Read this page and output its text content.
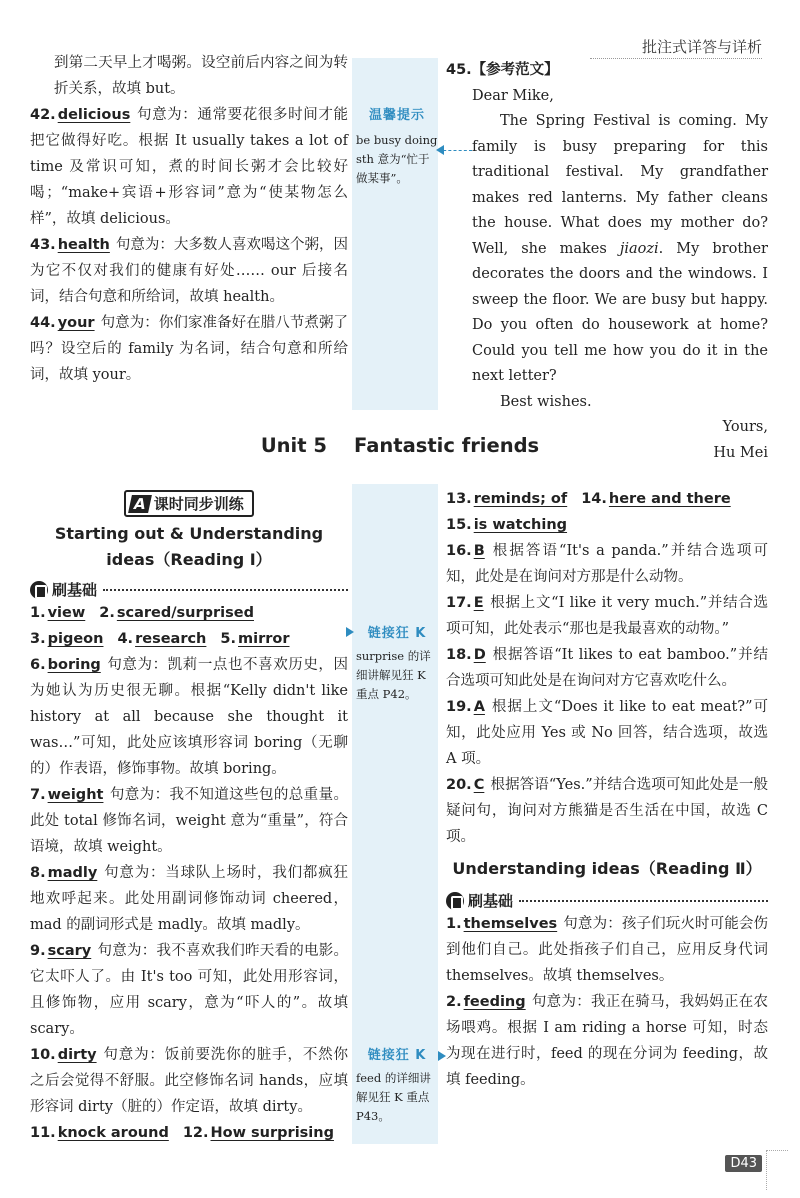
批注式详答与详析
温馨提示
be busy doing sth 意为“忙于做某事”。

到第二天早上才喝粥。设空前后内容之间为转折关系，故填 but。

42. delicious 句意为：通常要花很多时间才能把它做得好吃。根据 It usually takes a lot of time 及常识可知，煮的时间长粥才会比较好喝；“make+宾语+形容词”意为“使某物怎么样”，故填 delicious。

43. health 句意为：大多数人喜欢喝这个粥，因为它不仅对我们的健康有好处…… our 后接名词，结合句意和所给词，故填 health。

44. your 句意为：你们家准备好在腊八节煮粥了吗？设空后的 family 为名词，结合句意和所给词，故填 your。

45.【参考范文】

Dear Mike,

The Spring Festival is coming. My family is busy preparing for this traditional festival. My grandfather makes red lanterns. My father cleans the house. What does my mother do? Well, she makes jiaozi. My brother decorates the doors and the windows. I sweep the floor. We are busy but happy. Do you often do housework at home? Could you tell me how you do it in the next letter?

Best wishes.

Yours,

Hu Mei

Unit 5    Fantastic friends
A 课时同步训练
Starting out & Understanding
ideas（Reading Ⅰ）
刷基础

1. view 2. scared/surprised

3. pigeon 4. research 5. mirror

6. boring 句意为：凯莉一点也不喜欢历史，因为她认为历史很无聊。根据“Kelly didn't like history at all because she thought it was…”可知，此处应该填形容词 boring（无聊的）作表语，修饰事物。故填 boring。

7. weight 句意为：我不知道这些包的总重量。此处 total 修饰名词，weight 意为“重量”，符合语境，故填 weight。

8. madly 句意为：当球队上场时，我们都疯狂地欢呼起来。此处用副词修饰动词 cheered，mad 的副词形式是 madly。故填 madly。

9. scary 句意为：我不喜欢我们昨天看的电影。它太吓人了。由 It's too 可知，此处用形容词，且修饰物，应用 scary，意为“吓人的”。故填 scary。

10. dirty 句意为：饭前要洗你的脏手，不然你之后会觉得不舒服。此空修饰名词 hands，应填形容词 dirty（脏的）作定语，故填 dirty。

11. knock around 12. How surprising

链接狂 K
surprise 的详细讲解见狂 K 重点 P42。
链接狂 K
feed 的详细讲解见狂 K 重点 P43。

13. reminds; of 14. here and there

15. is watching

16. B 根据答语“It's a panda.”并结合选项可知，此处是在询问对方那是什么动物。

17. E 根据上文“I like it very much.”并结合选项可知，此处表示“那也是我最喜欢的动物。”

18. D 根据答语“It likes to eat bamboo.”并结合选项可知此处是在询问对方它喜欢吃什么。

19. A 根据上文“Does it like to eat meat?”可知，此处应用 Yes 或 No 回答，结合选项，故选 A 项。

20. C 根据答语“Yes.”并结合选项可知此处是一般疑问句，询问对方熊猫是否生活在中国，故选 C 项。

Understanding ideas（Reading Ⅱ）
刷基础

1. themselves 句意为：孩子们玩火时可能会伤到他们自己。此处指孩子们自己，应用反身代词 themselves。故填 themselves。

2. feeding 句意为：我正在骑马，我妈妈正在农场喂鸡。根据 I am riding a horse 可知，时态为现在进行时，feed 的现在分词为 feeding，故填 feeding。

D43
